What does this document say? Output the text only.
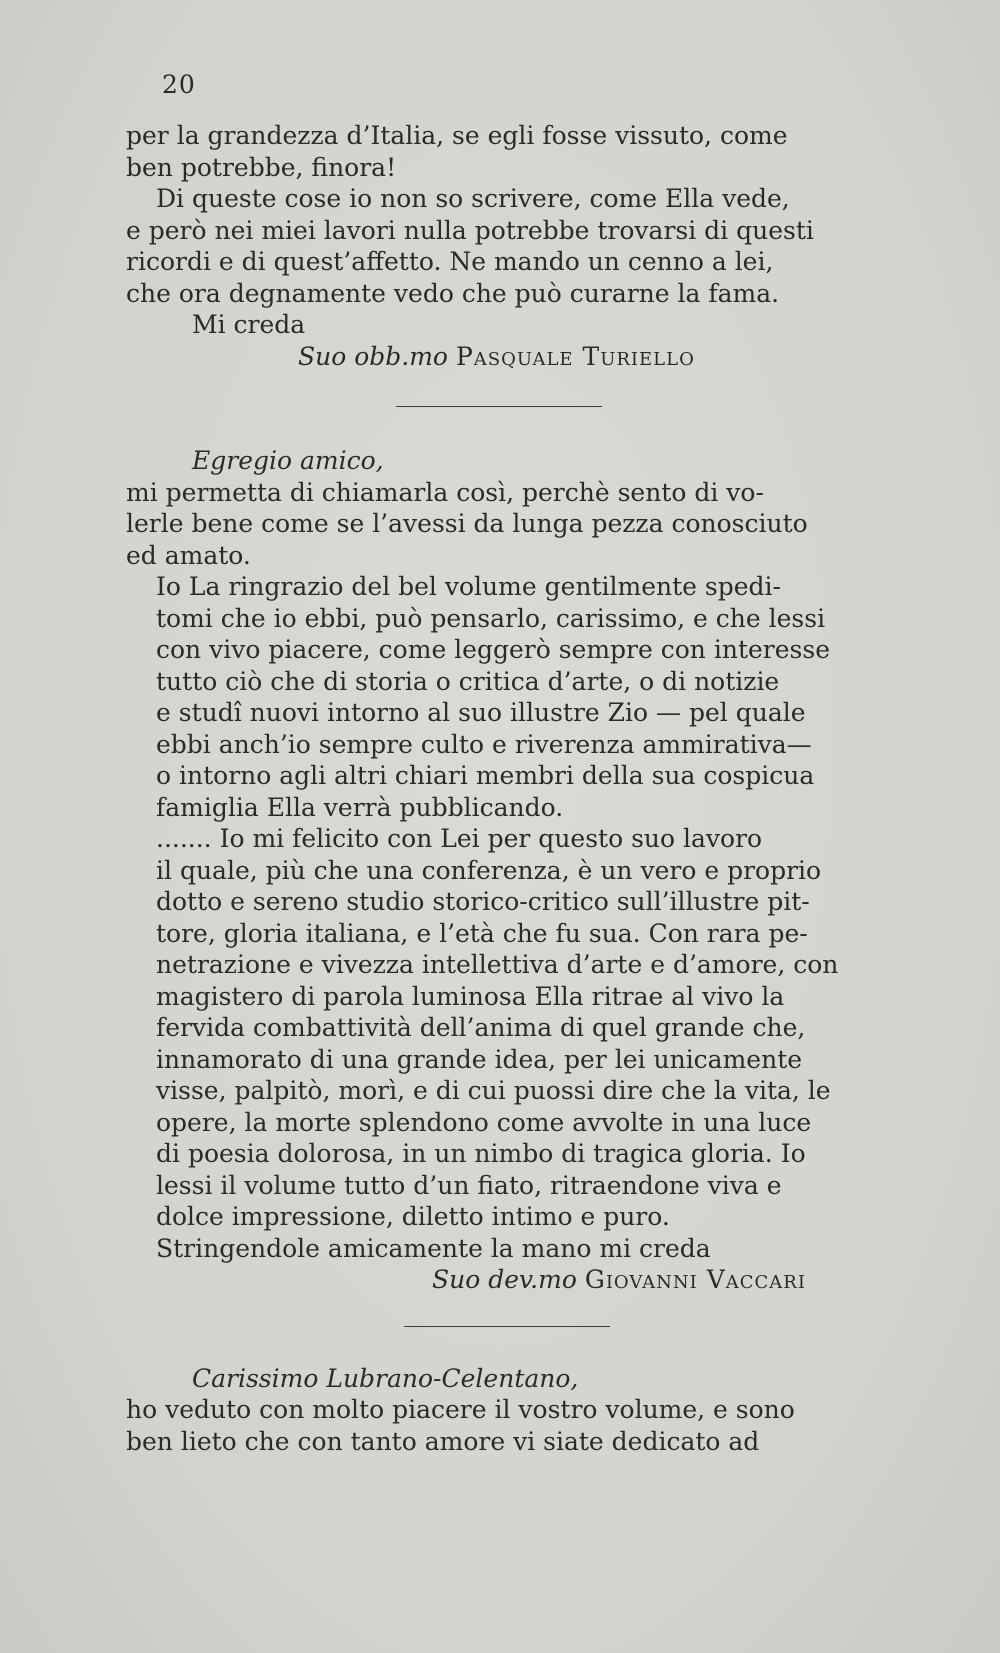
20

per la grandezza d’Italia, se egli fosse vissuto, come
ben potrebbe, finora!

Di queste cose io non so scrivere, come Ella vede,

e però nei miei lavori nulla potrebbe trovarsi di questi
ricordi e di quest’affetto. Ne mando un cenno a lei,
che ora degnamente vedo che può curarne la fama.

Mi creda

Suo obb.mo Pasquale Turiello

Egregio amico,

mi permetta di chiamarla così, perchè sento di vo-
lerle bene come se l’avessi da lunga pezza conosciuto
ed amato.

Io La ringrazio del bel volume gentilmente spedi-
tomi che io ebbi, può pensarlo, carissimo, e che lessi
con vivo piacere, come leggerò sempre con interesse
tutto ciò che di storia o critica d’arte, o di notizie
e studî nuovi intorno al suo illustre Zio — pel quale
ebbi anch’io sempre culto e riverenza ammirativa—
o intorno agli altri chiari membri della sua cospicua
famiglia Ella verrà pubblicando.

....... Io mi felicito con Lei per questo suo lavoro
il quale, più che una conferenza, è un vero e proprio
dotto e sereno studio storico-critico sull’illustre pit-
tore, gloria italiana, e l’età che fu sua. Con rara pe-
netrazione e vivezza intellettiva d’arte e d’amore, con
magistero di parola luminosa Ella ritrae al vivo la
fervida combattività dell’anima di quel grande che,
innamorato di una grande idea, per lei unicamente
visse, palpitò, morì, e di cui puossi dire che la vita, le
opere, la morte splendono come avvolte in una luce
di poesia dolorosa, in un nimbo di tragica gloria. Io
lessi il volume tutto d’un fiato, ritraendone viva e
dolce impressione, diletto intimo e puro.

Stringendole amicamente la mano mi creda

Suo dev.mo Giovanni Vaccari

Carissimo Lubrano-Celentano,

ho veduto con molto piacere il vostro volume, e sono
ben lieto che con tanto amore vi siate dedicato ad
